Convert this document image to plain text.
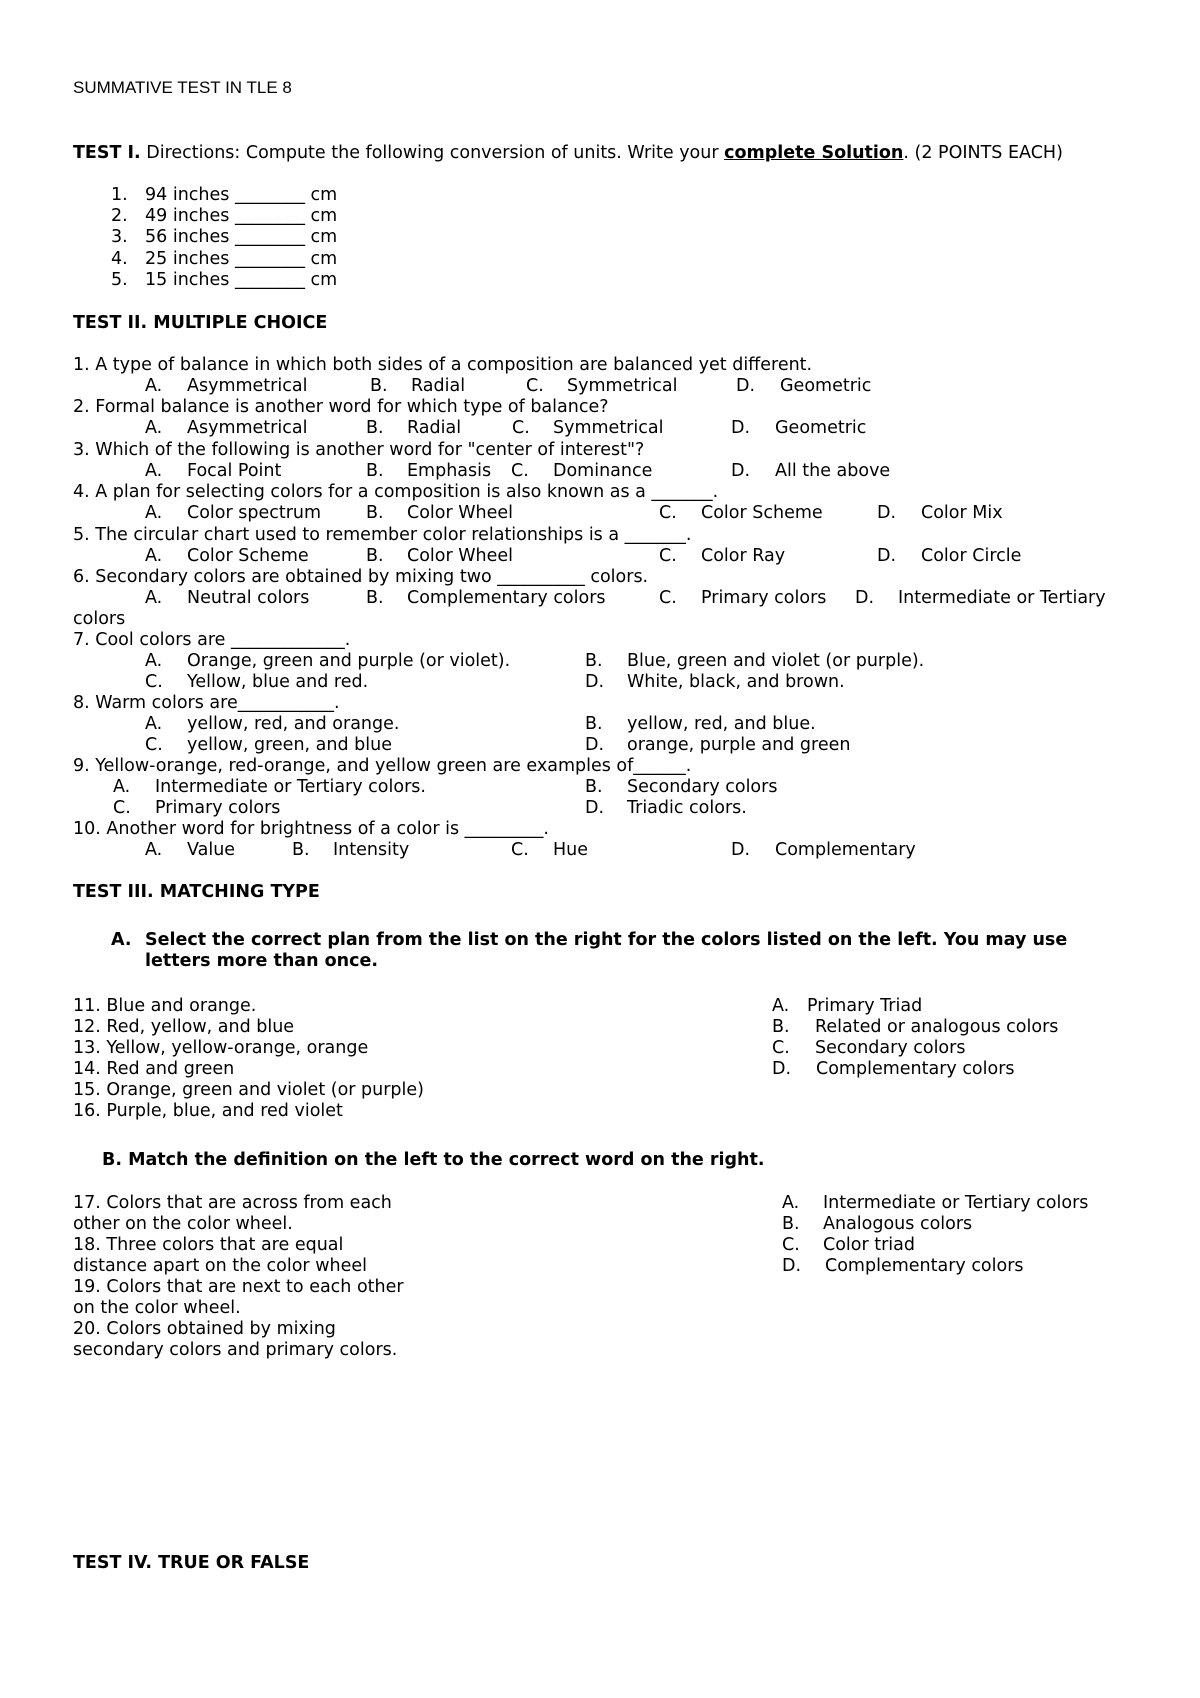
SUMMATIVE TEST IN TLE 8
TEST I. Directions: Compute the following conversion of units. Write your complete Solution. (2 POINTS EACH)
1. 94 inches ________ cm
2. 49 inches ________ cm
3. 56 inches ________ cm
4. 25 inches ________ cm
5. 15 inches ________ cm
TEST II. MULTIPLE CHOICE
1. A type of balance in which both sides of a composition are balanced yet different.
A. Asymmetrical	B. Radial	C. Symmetrical	D. Geometric
2. Formal balance is another word for which type of balance?
A. Asymmetrical	B. Radial	C. Symmetrical	D. Geometric
3. Which of the following is another word for "center of interest"?
A. Focal Point	B. Emphasis C. Dominance	D. All the above
4. A plan for selecting colors for a composition is also known as a _______.
A. Color spectrum	B. Color Wheel	C. Color Scheme	D. Color Mix
5. The circular chart used to remember color relationships is a _______.
A. Color Scheme	B. Color Wheel	C. Color Ray	D. Color Circle
6. Secondary colors are obtained by mixing two __________ colors.
A. Neutral colors	B. Complementary colors	C. Primary colors D. Intermediate or Tertiary
colors
7. Cool colors are _____________.
A. Orange, green and purple (or violet).	B. Blue, green and violet (or purple).
C. Yellow, blue and red.	D. White, black, and brown.
8. Warm colors are___________.
A. yellow, red, and orange.	B. yellow, red, and blue.
C. yellow, green, and blue	D. orange, purple and green
9. Yellow-orange, red-orange, and yellow green are examples of______.
A. Intermediate or Tertiary colors.	B. Secondary colors
C. Primary colors	D. Triadic colors.
10. Another word for brightness of a color is _________.
A. Value	B. Intensity	C. Hue	D. Complementary
TEST III. MATCHING TYPE
A. Select the correct plan from the list on the right for the colors listed on the left. You may use
letters more than once.
11. Blue and orange.
12. Red, yellow, and blue
13. Yellow, yellow-orange, orange
14. Red and green
15. Orange, green and violet (or purple)
16. Purple, blue, and red violet
A. Primary Triad
B. Related or analogous colors
C. Secondary colors
D. Complementary colors
B. Match the definition on the left to the correct word on the right.
17. Colors that are across from each
other on the color wheel.
18. Three colors that are equal
distance apart on the color wheel
19. Colors that are next to each other
on the color wheel.
20. Colors obtained by mixing
secondary colors and primary colors.
A. Intermediate or Tertiary colors
B. Analogous colors
C. Color triad
D. Complementary colors
TEST IV. TRUE OR FALSE
